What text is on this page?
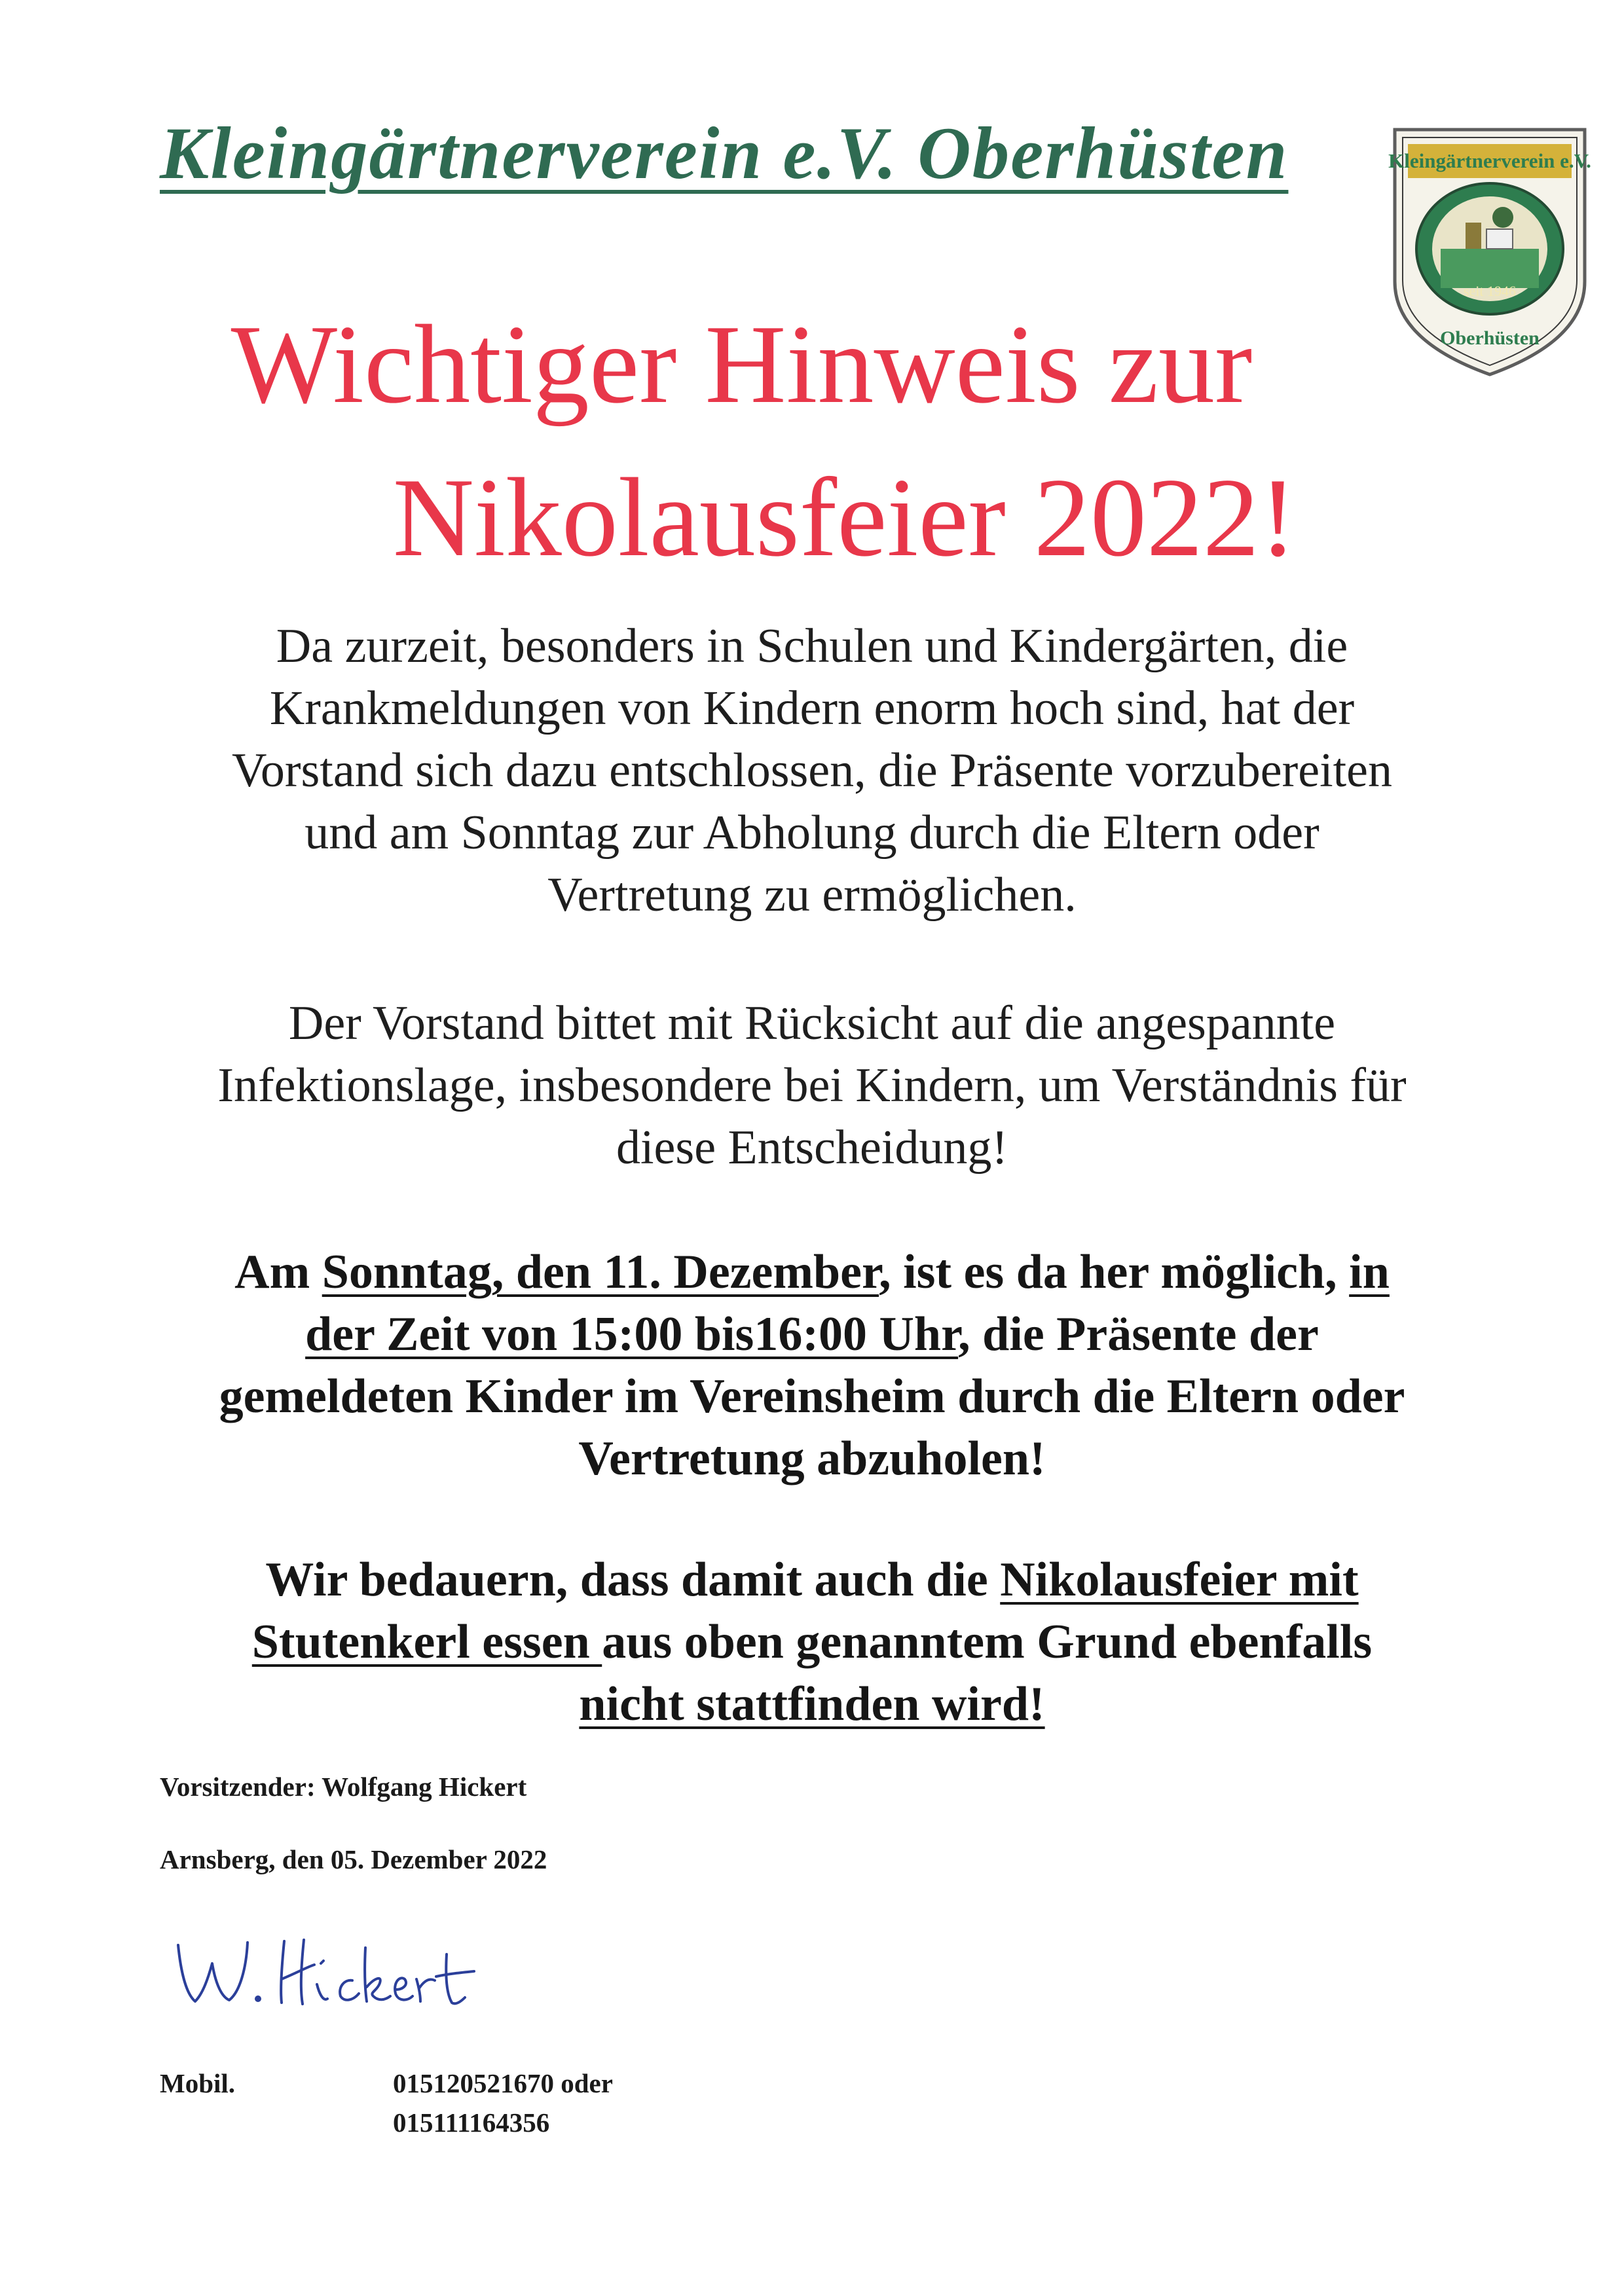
Kleingärtnerverein e.V. Oberhüsten	Kleingärtnerverein e.V.
seit 1946
Oberhüsten
Wichtiger Hinweis zur
Nikolausfeier 2022!
Da zurzeit, besonders in Schulen und Kindergärten, die
Krankmeldungen von Kindern enorm hoch sind, hat der
Vorstand sich dazu entschlossen, die Präsente vorzubereiten
und am Sonntag zur Abholung durch die Eltern oder
Vertretung zu ermöglichen.
Der Vorstand bittet mit Rücksicht auf die angespannte
Infektionslage, insbesondere bei Kindern, um Verständnis für
diese Entscheidung!
Am Sonntag, den 11. Dezember, ist es da her möglich, in
der Zeit von 15:00 bis16:00 Uhr, die Präsente der
gemeldeten Kinder im Vereinsheim durch die Eltern oder
Vertretung abzuholen!
Wir bedauern, dass damit auch die Nikolausfeier mit
Stutenkerl essen aus oben genanntem Grund ebenfalls
nicht stattfinden wird!
Vorsitzender: Wolfgang Hickert
Arnsberg, den 05. Dezember 2022
Mobil.	015120521670 oder
015111164356
